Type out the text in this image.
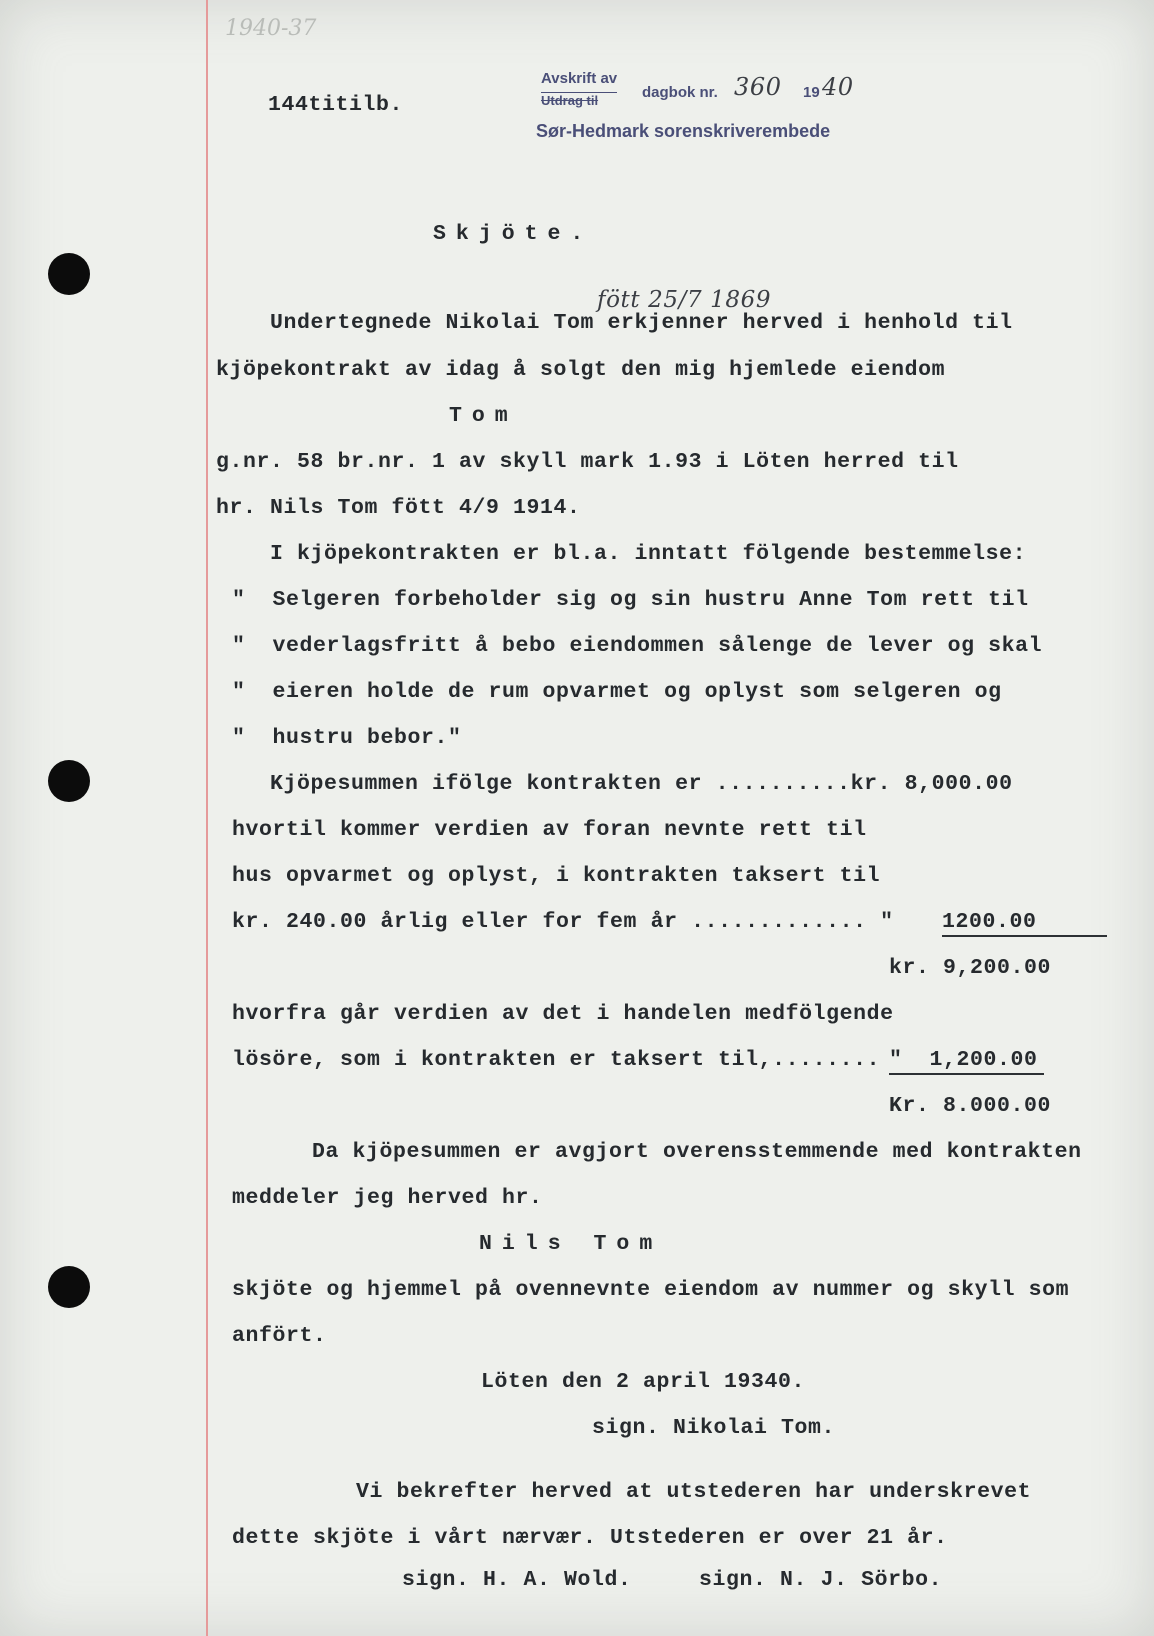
1940-37
144titilb.
Avskrift av
Utdrag til	dagbok nr. 360 19 40
Sør-Hedmark sorenskriverembede
Skjöte.
fött 25/7 1869
Undertegnede Nikolai Tom erkjenner herved i henhold til
kjöpekontrakt av idag å solgt den mig hjemlede eiendom
Tom
g.nr. 58 br.nr. 1 av skyll mark 1.93 i Löten herred til
hr. Nils Tom fött 4/9 1914.
I kjöpekontrakten er bl.a. inntatt fölgende bestemmelse:
"  Selgeren forbeholder sig og sin hustru Anne Tom rett til
"  vederlagsfritt å bebo eiendommen sålenge de lever og skal
"  eieren holde de rum opvarmet og oplyst som selgeren og
"  hustru bebor."
Kjöpesummen ifölge kontrakten er ..........kr. 8,000.00
hvortil kommer verdien av foran nevnte rett til
hus opvarmet og oplyst, i kontrakten taksert til
kr. 240.00 årlig eller for fem år ............. " 1200.00
kr. 9,200.00
hvorfra går verdien av det i handelen medfölgende
lösöre, som i kontrakten er taksert til,........ "  1,200.00
Kr. 8.000.00
Da kjöpesummen er avgjort overensstemmende med kontrakten
meddeler jeg herved hr.
Nils Tom
skjöte og hjemmel på ovennevnte eiendom av nummer og skyll som
anfört.
Löten den 2 april 19340.
sign. Nikolai Tom.
Vi bekrefter herved at utstederen har underskrevet
dette skjöte i vårt nærvær. Utstederen er over 21 år.
sign. H. A. Wold.     sign. N. J. Sörbo.
